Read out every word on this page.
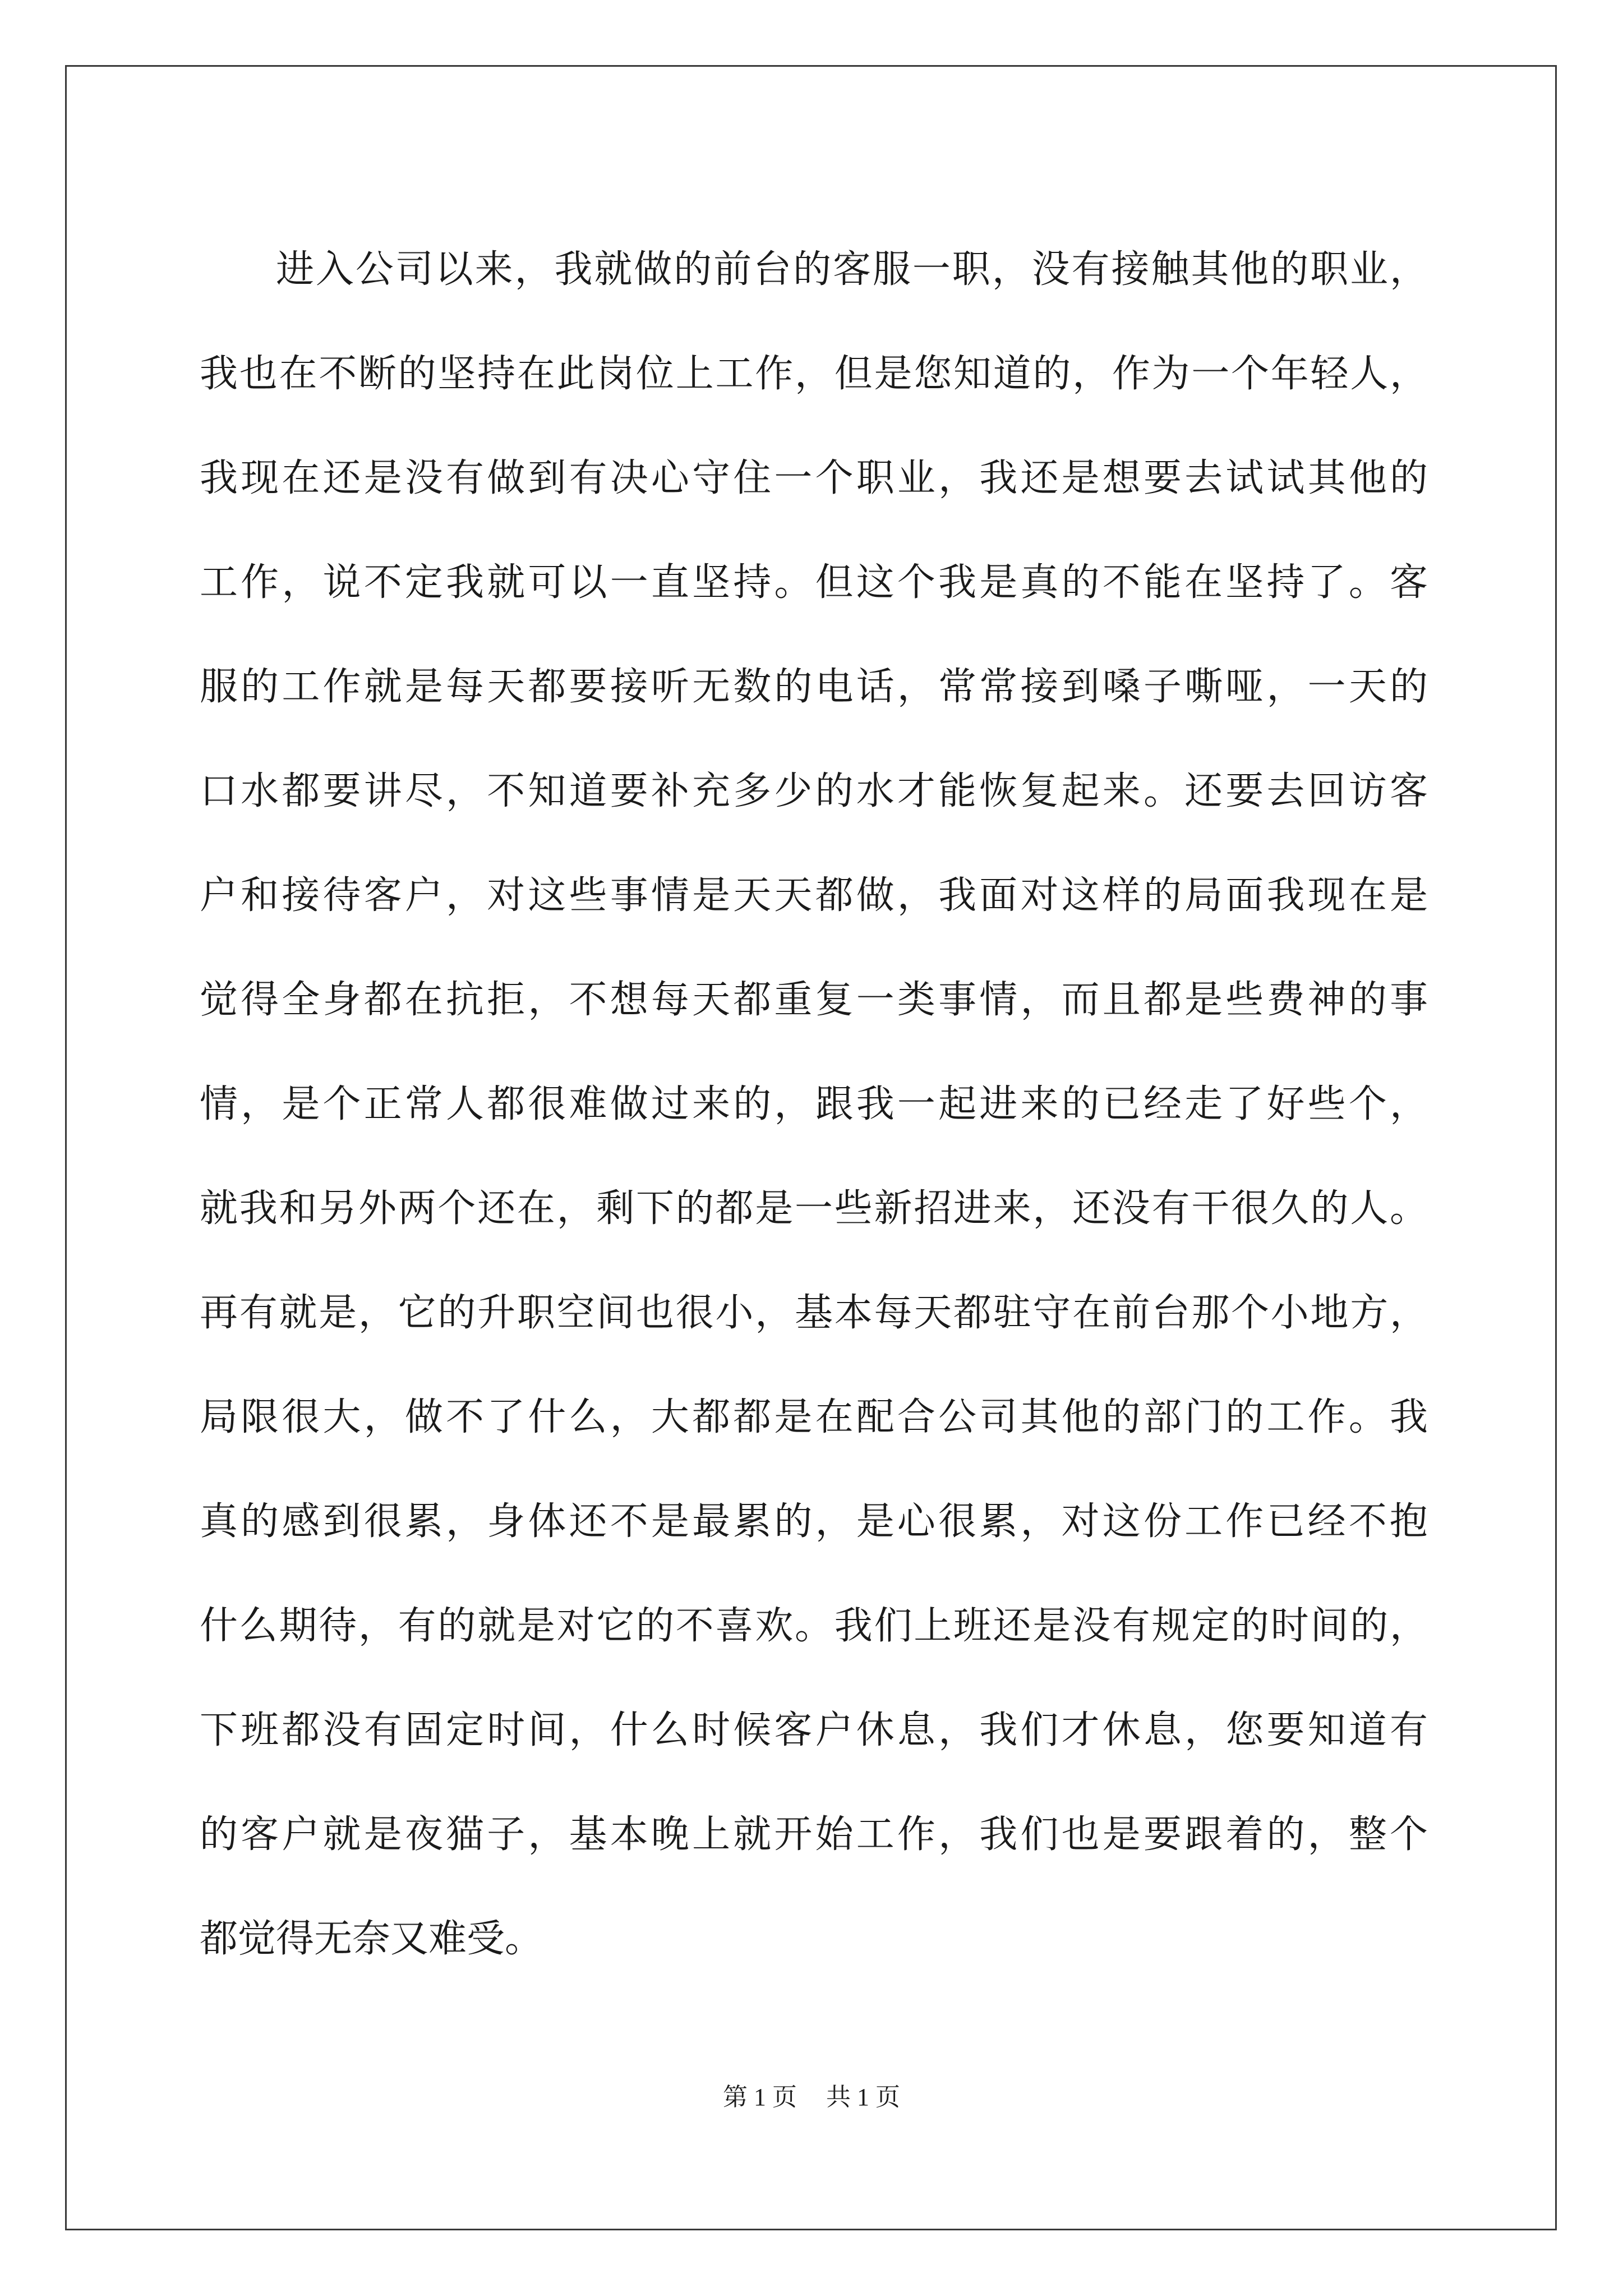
进入公司以来，我就做的前台的客服一职，没有接触其他的职业，
我也在不断的坚持在此岗位上工作，但是您知道的，作为一个年轻人，
我现在还是没有做到有决心守住一个职业，我还是想要去试试其他的
工作，说不定我就可以一直坚持。但这个我是真的不能在坚持了。客
服的工作就是每天都要接听无数的电话，常常接到嗓子嘶哑，一天的
口水都要讲尽，不知道要补充多少的水才能恢复起来。还要去回访客
户和接待客户，对这些事情是天天都做，我面对这样的局面我现在是
觉得全身都在抗拒，不想每天都重复一类事情，而且都是些费神的事
情，是个正常人都很难做过来的，跟我一起进来的已经走了好些个，
就我和另外两个还在，剩下的都是一些新招进来，还没有干很久的人。
再有就是，它的升职空间也很小，基本每天都驻守在前台那个小地方，
局限很大，做不了什么，大都都是在配合公司其他的部门的工作。我
真的感到很累，身体还不是最累的，是心很累，对这份工作已经不抱
什么期待，有的就是对它的不喜欢。我们上班还是没有规定的时间的，
下班都没有固定时间，什么时候客户休息，我们才休息，您要知道有
的客户就是夜猫子，基本晚上就开始工作，我们也是要跟着的，整个
都觉得无奈又难受。
第 1 页 共 1 页
